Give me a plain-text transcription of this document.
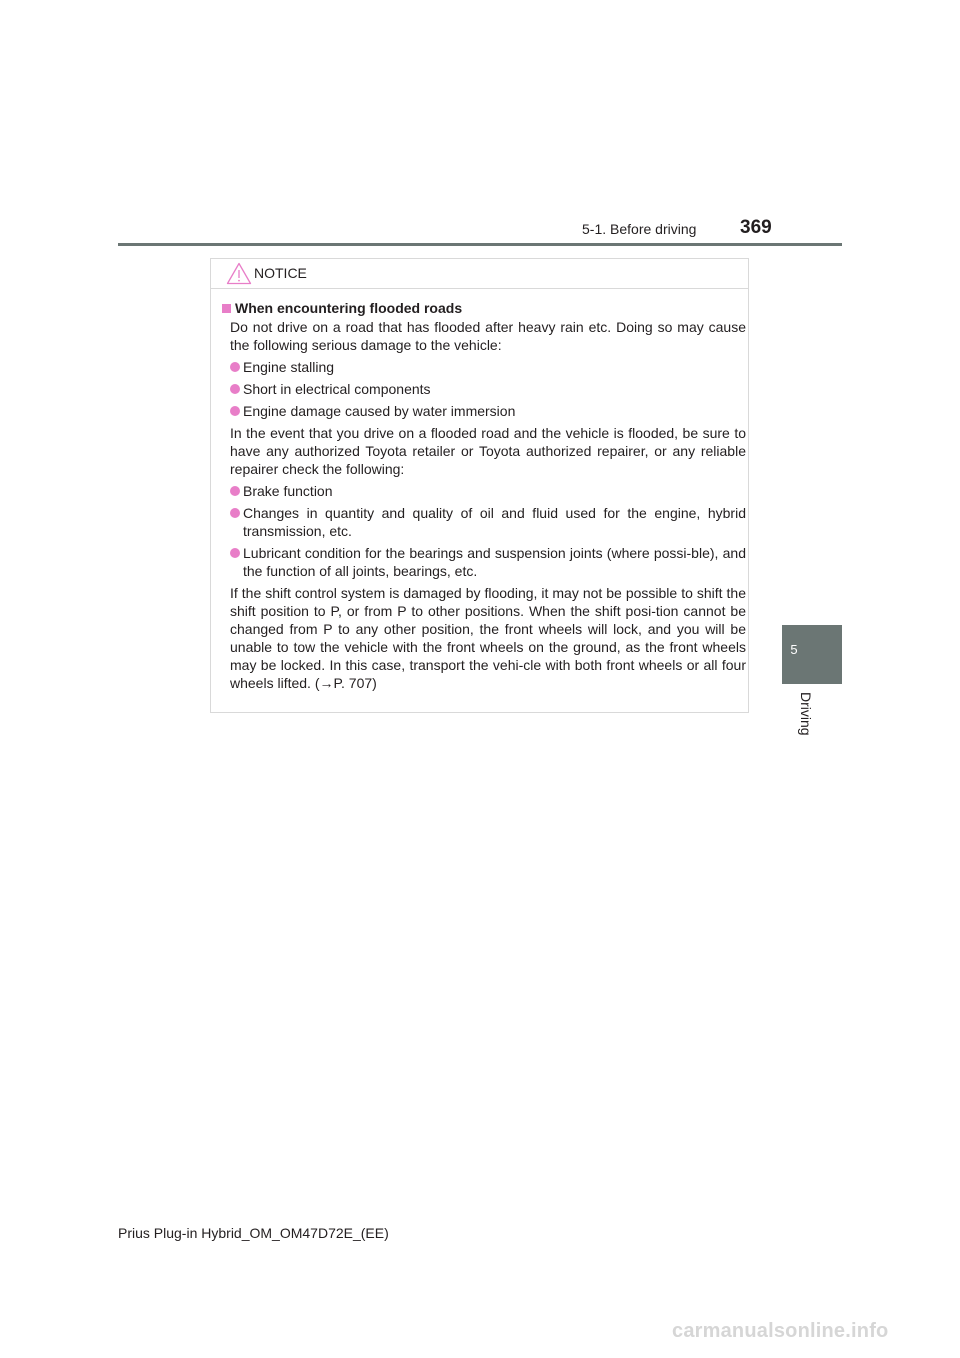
5-1. Before driving 369
5
Driving
NOTICE
When encountering flooded roads
Do not drive on a road that has flooded after heavy rain etc. Doing so may cause the following serious damage to the vehicle:
Engine stalling
Short in electrical components
Engine damage caused by water immersion
In the event that you drive on a flooded road and the vehicle is flooded, be sure to have any authorized Toyota retailer or Toyota authorized repairer, or any reliable repairer check the following:
Brake function
Changes in quantity and quality of oil and fluid used for the engine, hybrid transmission, etc.
Lubricant condition for the bearings and suspension joints (where possi-ble), and the function of all joints, bearings, etc.
If the shift control system is damaged by flooding, it may not be possible to shift the shift position to P, or from P to other positions. When the shift posi-tion cannot be changed from P to any other position, the front wheels will lock, and you will be unable to tow the vehicle with the front wheels on the ground, as the front wheels may be locked. In this case, transport the vehi-cle with both front wheels or all four wheels lifted. (→P. 707)
Prius Plug-in Hybrid_OM_OM47D72E_(EE)
carmanualsonline.info
